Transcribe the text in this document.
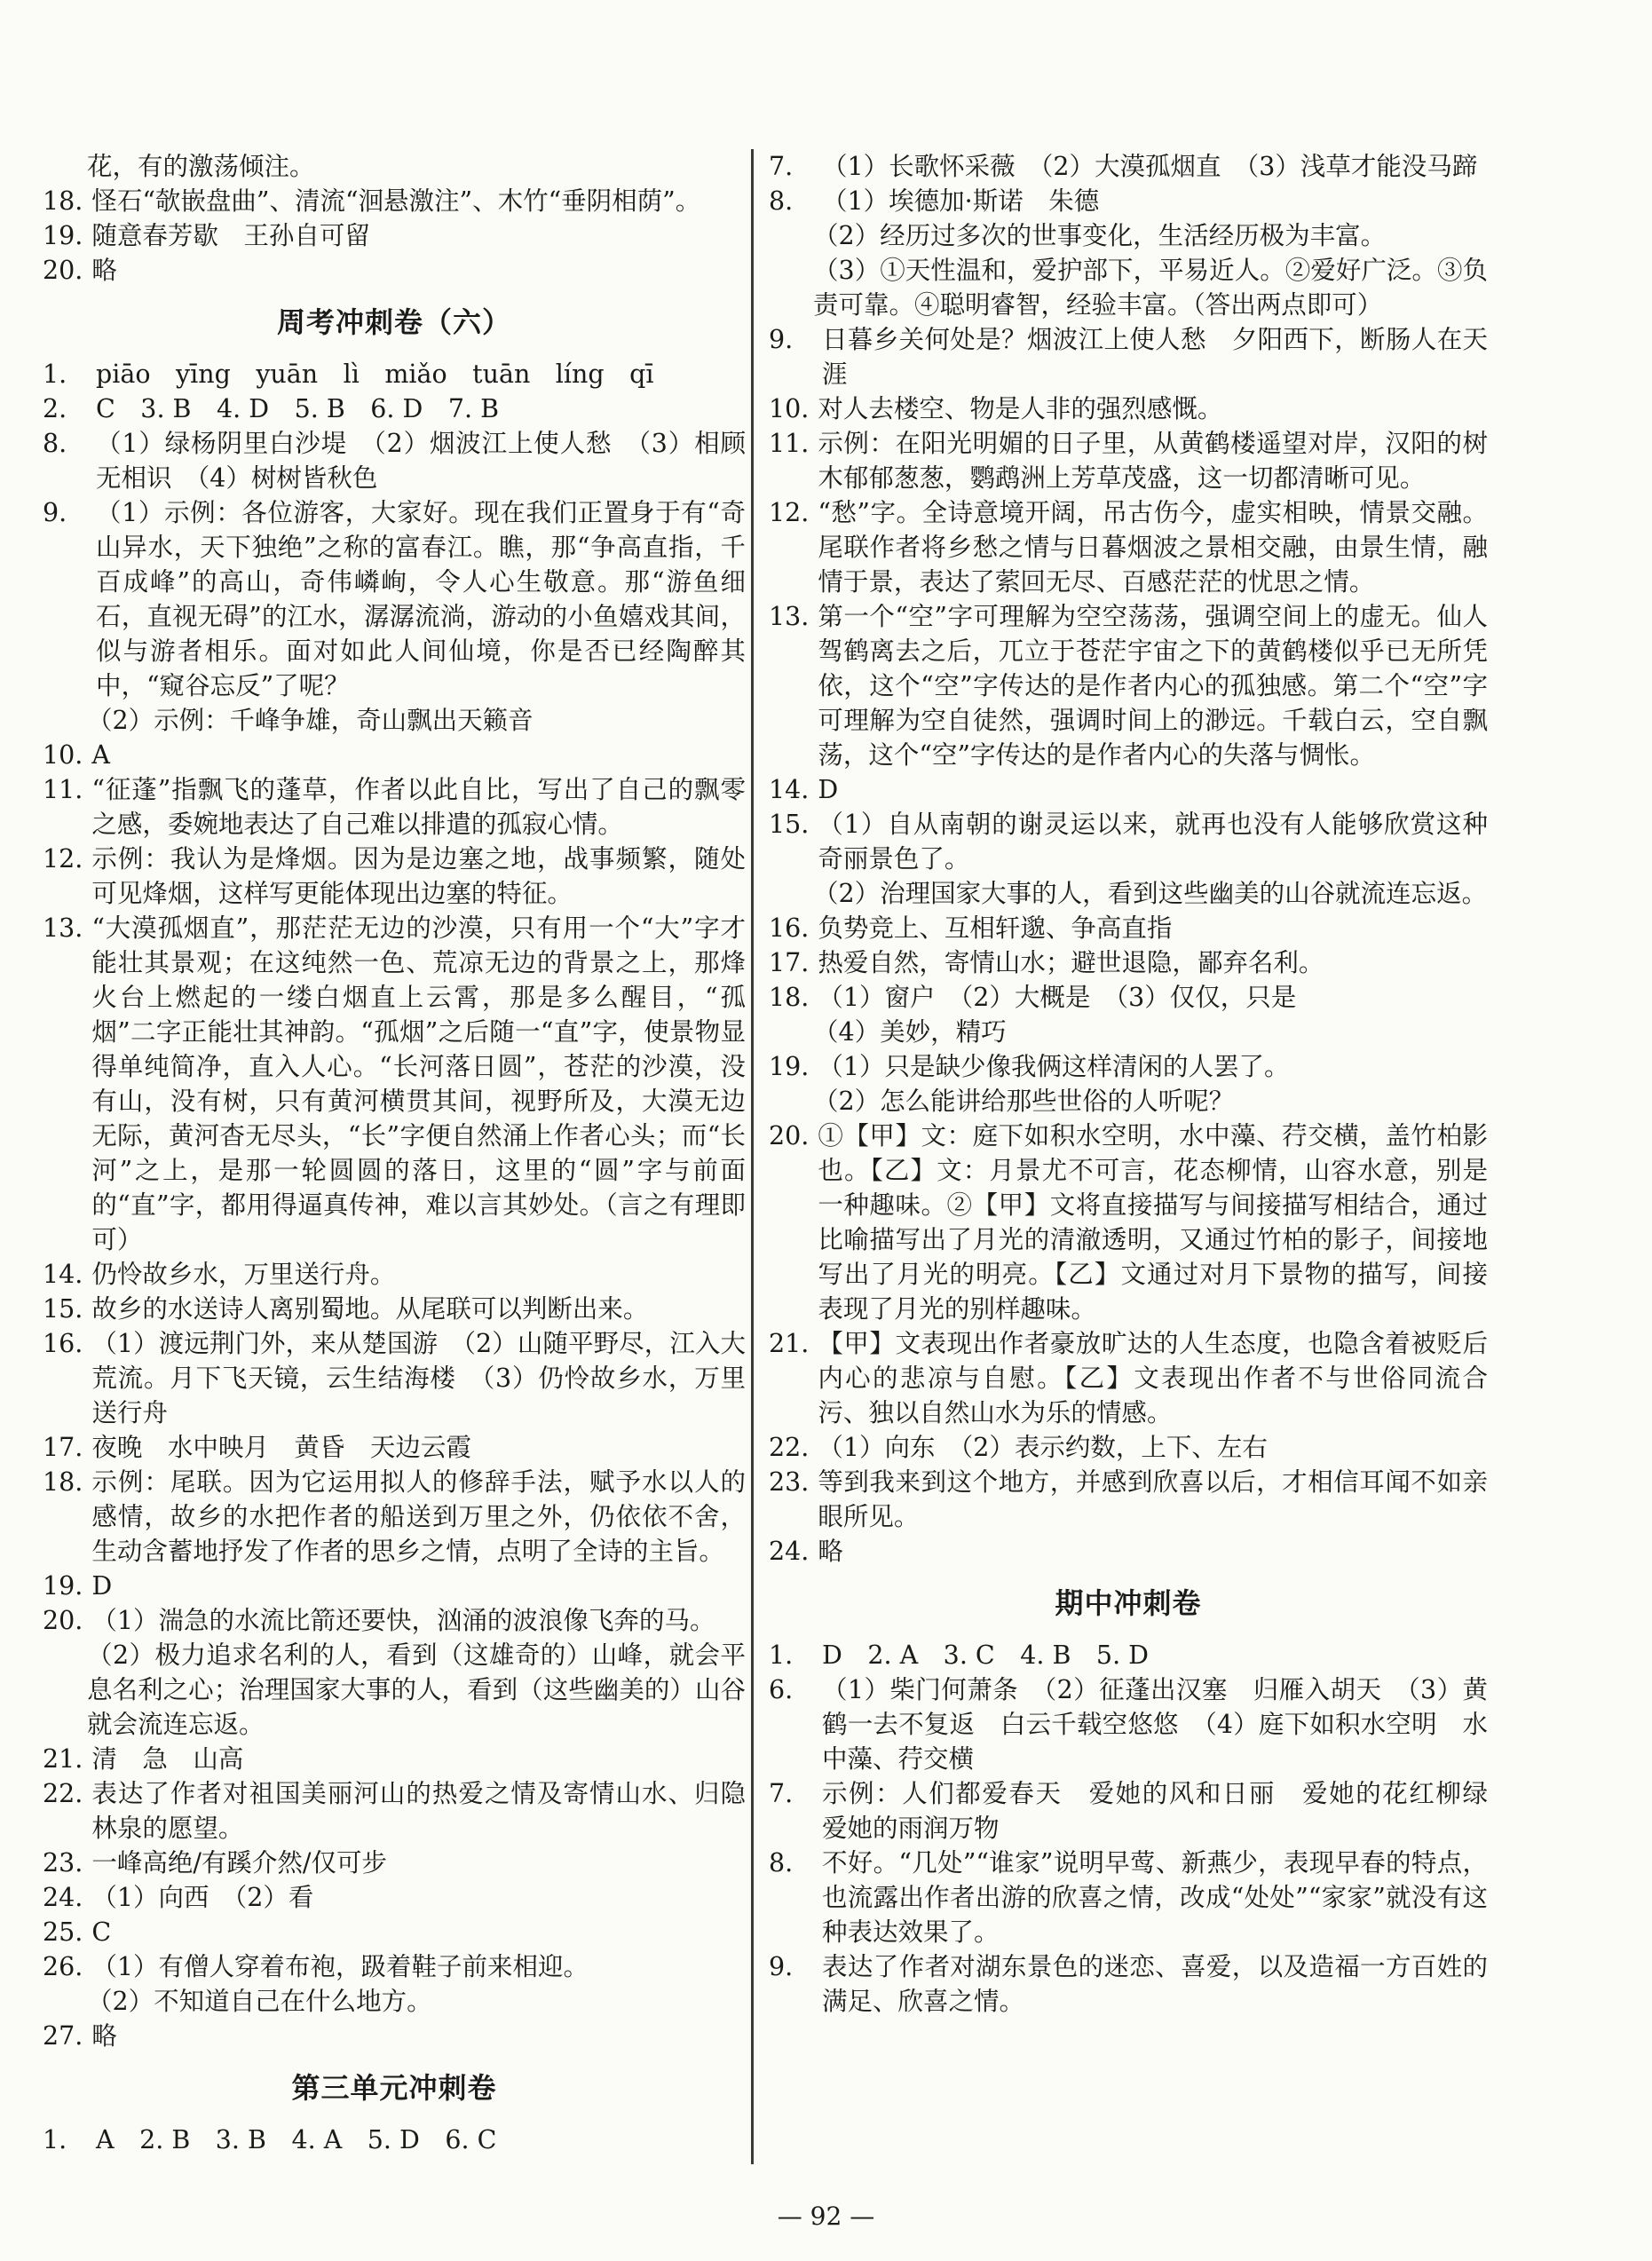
花，有的激荡倾注。
18. 怪石“欹嵌盘曲”、清流“洄悬激注”、木竹“垂阴相荫”。
19. 随意春芳歇　王孙自可留
20. 略
周考冲刺卷（六）
1.	piāo　yīng　yuān　lì　miǎo　tuān　líng　qī
2.	C　3. B　4. D　5. B　6. D　7. B
8.	（1）绿杨阴里白沙堤　（2）烟波江上使人愁　（3）相顾无相识　（4）树树皆秋色
9.	（1）示例：各位游客，大家好。现在我们正置身于有“奇山异水，天下独绝”之称的富春江。瞧，那“争高直指，千百成峰”的高山，奇伟嶙峋，令人心生敬意。那“游鱼细石，直视无碍”的江水，潺潺流淌，游动的小鱼嬉戏其间，似与游者相乐。面对如此人间仙境，你是否已经陶醉其中，“窥谷忘反”了呢？
（2）示例：千峰争雄，奇山飘出天籁音
10. A
11. “征蓬”指飘飞的蓬草，作者以此自比，写出了自己的飘零之感，委婉地表达了自己难以排遣的孤寂心情。
12. 示例：我认为是烽烟。因为是边塞之地，战事频繁，随处可见烽烟，这样写更能体现出边塞的特征。
13. “大漠孤烟直”，那茫茫无边的沙漠，只有用一个“大”字才能壮其景观；在这纯然一色、荒凉无边的背景之上，那烽火台上燃起的一缕白烟直上云霄，那是多么醒目，“孤烟”二字正能壮其神韵。“孤烟”之后随一“直”字，使景物显得单纯简净，直入人心。“长河落日圆”，苍茫的沙漠，没有山，没有树，只有黄河横贯其间，视野所及，大漠无边无际，黄河杳无尽头，“长”字便自然涌上作者心头；而“长河”之上，是那一轮圆圆的落日，这里的“圆”字与前面的“直”字，都用得逼真传神，难以言其妙处。（言之有理即可）
14. 仍怜故乡水，万里送行舟。
15. 故乡的水送诗人离别蜀地。从尾联可以判断出来。
16. （1）渡远荆门外，来从楚国游　（2）山随平野尽，江入大荒流。月下飞天镜，云生结海楼　（3）仍怜故乡水，万里送行舟
17. 夜晚　水中映月　黄昏　天边云霞
18. 示例：尾联。因为它运用拟人的修辞手法，赋予水以人的感情，故乡的水把作者的船送到万里之外，仍依依不舍，生动含蓄地抒发了作者的思乡之情，点明了全诗的主旨。
19. D
20. （1）湍急的水流比箭还要快，汹涌的波浪像飞奔的马。
（2）极力追求名利的人，看到（这雄奇的）山峰，就会平息名利之心；治理国家大事的人，看到（这些幽美的）山谷就会流连忘返。
21. 清　急　山高
22. 表达了作者对祖国美丽河山的热爱之情及寄情山水、归隐林泉的愿望。
23. 一峰高绝/有蹊介然/仅可步
24. （1）向西　（2）看
25. C
26. （1）有僧人穿着布袍，趿着鞋子前来相迎。
（2）不知道自己在什么地方。
27. 略
第三单元冲刺卷
1.	A　2. B　3. B　4. A　5. D　6. C
7.	（1）长歌怀采薇　（2）大漠孤烟直　（3）浅草才能没马蹄
8.	（1）埃德加·斯诺　朱德
（2）经历过多次的世事变化，生活经历极为丰富。
（3）①天性温和，爱护部下，平易近人。②爱好广泛。③负责可靠。④聪明睿智，经验丰富。（答出两点即可）
9.	日暮乡关何处是？烟波江上使人愁　夕阳西下，断肠人在天涯
10. 对人去楼空、物是人非的强烈感慨。
11. 示例：在阳光明媚的日子里，从黄鹤楼遥望对岸，汉阳的树木郁郁葱葱，鹦鹉洲上芳草茂盛，这一切都清晰可见。
12. “愁”字。全诗意境开阔，吊古伤今，虚实相映，情景交融。尾联作者将乡愁之情与日暮烟波之景相交融，由景生情，融情于景，表达了萦回无尽、百感茫茫的忧思之情。
13. 第一个“空”字可理解为空空荡荡，强调空间上的虚无。仙人驾鹤离去之后，兀立于苍茫宇宙之下的黄鹤楼似乎已无所凭依，这个“空”字传达的是作者内心的孤独感。第二个“空”字可理解为空自徒然，强调时间上的渺远。千载白云，空自飘荡，这个“空”字传达的是作者内心的失落与惆怅。
14. D
15. （1）自从南朝的谢灵运以来，就再也没有人能够欣赏这种奇丽景色了。
（2）治理国家大事的人，看到这些幽美的山谷就流连忘返。
16. 负势竞上、互相轩邈、争高直指
17. 热爱自然，寄情山水；避世退隐，鄙弃名利。
18. （1）窗户　（2）大概是　（3）仅仅，只是
（4）美妙，精巧
19. （1）只是缺少像我俩这样清闲的人罢了。
（2）怎么能讲给那些世俗的人听呢？
20. ①【甲】文：庭下如积水空明，水中藻、荇交横，盖竹柏影也。【乙】文：月景尤不可言，花态柳情，山容水意，别是一种趣味。②【甲】文将直接描写与间接描写相结合，通过比喻描写出了月光的清澈透明，又通过竹柏的影子，间接地写出了月光的明亮。【乙】文通过对月下景物的描写，间接表现了月光的别样趣味。
21. 【甲】文表现出作者豪放旷达的人生态度，也隐含着被贬后内心的悲凉与自慰。【乙】文表现出作者不与世俗同流合污、独以自然山水为乐的情感。
22. （1）向东　（2）表示约数，上下、左右
23. 等到我来到这个地方，并感到欣喜以后，才相信耳闻不如亲眼所见。
24. 略
期中冲刺卷
1.	D　2. A　3. C　4. B　5. D
6.	（1）柴门何萧条　（2）征蓬出汉塞　归雁入胡天　（3）黄鹤一去不复返　白云千载空悠悠　（4）庭下如积水空明　水中藻、荇交横
7.	示例：人们都爱春天　爱她的风和日丽　爱她的花红柳绿　爱她的雨润万物
8.	不好。“几处”“谁家”说明早莺、新燕少，表现早春的特点，也流露出作者出游的欣喜之情，改成“处处”“家家”就没有这种表达效果了。
9.	表达了作者对湖东景色的迷恋、喜爱，以及造福一方百姓的满足、欣喜之情。
— 92 —
